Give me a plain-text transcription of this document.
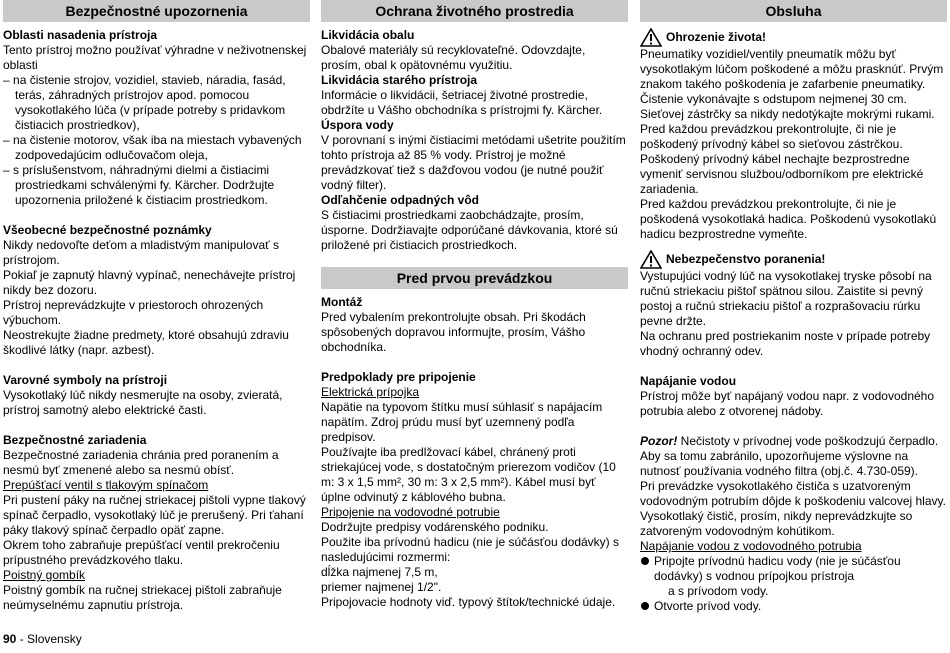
Bezpečnostné upozornenia
Oblasti nasadenia prístroja

Tento prístroj možno používať výhradne v neživotnenskej oblasti

– na čistenie strojov, vozidiel, stavieb, náradia, fasád, terás, záhradných prístrojov apod. pomocou vysokotlakého lúča (v prípade potreby s pridavkom čistiacich prostriedkov),
– na čistenie motorov, však iba na miestach vybavených zodpovedajúcim odlučovačom oleja,
– s príslušenstvom, náhradnými dielmi a čistiacimi prostriedkami schválenými fy. Kärcher. Dodržujte upozornenia priložené k čistiacim prostriedkom.
Všeobecné bezpečnostné poznámky

Nikdy nedovoľte deťom a mladistvým manipulovať s prístrojom.

Pokiaľ je zapnutý hlavný vypínač, nenechávejte prístroj nikdy bez dozoru.

Prístroj neprevádzkujte v priestoroch ohrozených výbuchom.

Neostrekujte žiadne predmety, ktoré obsahujú zdraviu škodlivé látky (napr. azbest).

Varovné symboly na prístroji

Vysokotlaký lúč nikdy nesmerujte na osoby, zvieratá, prístroj samotný alebo elektrické časti.

Bezpečnostné zariadenia

Bezpečnostné zariadenia chránia pred poranením a nesmú byť zmenené alebo sa nesmú obísť.

Prepúšťací ventil s tlakovým spínačom

Pri pustení páky na ručnej striekacej pištoli vypne tlakový spínač čerpadlo, vysokotlaký lúč je prerušený. Pri ťahaní páky tlakový spínač čerpadlo opäť zapne.

Okrem toho zabraňuje prepúšťací ventil prekročeniu prípustného prevádzkového tlaku.

Poistný gombík

Poistný gombík na ručnej striekacej pištoli zabraňuje neúmyselnému zapnutiu prístroja.

90 - Slovensky
Ochrana životného prostredia
Likvidácia obalu

Obalové materiály sú recyklovateľné. Odovzdajte, prosím, obal k opätovnému využitiu.

Likvidácia starého prístroja

Informácie o likvidácii, šetriacej životné prostredie, obdržíte u Vášho obchodníka s prístrojmi fy. Kärcher.

Úspora vody

V porovnaní s inými čistiacimi metódami ušetrite použitím tohto prístroja až 85 % vody. Prístroj je možné prevádzkovať tiež s dažďovou vodou (je nutné použiť vodný filter).

Odľahčenie odpadných vôd

S čistiacimi prostriedkami zaobchádzajte, prosím, úsporne. Dodržiavajte odporúčané dávkovania, ktoré sú priložené pri čistiacich prostriedkoch.

Pred prvou prevádzkou
Montáž

Pred vybalením prekontrolujte obsah. Pri škodách spôsobených dopravou informujte, prosím, Vášho obchodníka.

Predpoklady pre pripojenie

Elektrická prípojka

Napätie na typovom štítku musí súhlasiť s napájacím napätím. Zdroj prúdu musí byť uzemnený podľa predpisov.

Používajte iba predlžovací kábel, chránený proti striekajúcej vode, s dostatočným prierezom vodičov (10 m: 3 x 1,5 mm², 30 m: 3 x 2,5 mm²). Kábel musí byť úplne odvinutý z káblového bubna.

Pripojenie na vodovodné potrubie

Dodržujte predpisy vodárenského podniku.

Použite iba prívodnú hadicu (nie je súčásťou dodávky) s nasledujúcimi rozmermi:

dĺžka najmenej 7,5 m,

priemer najmenej 1/2".

Pripojovacie hodnoty viď. typový štítok/technické údaje.

Obsluha
Ohrozenie života!

Pneumatiky vozidiel/ventily pneumatík môžu byť vysokotlakým lúčom poškodené a môžu prasknúť. Prvým znakom takého poškodenia je zafarbenie pneumatiky. Čistenie vykonávajte s odstupom nejmenej 30 cm. Sieťovej zástrčky sa nikdy nedotýkajte mokrými rukami.

Pred každou prevádzkou prekontrolujte, či nie je poškodený prívodný kábel so sieťovou zástrčkou. Poškodený prívodný kábel nechajte bezprostredne vymeniť servisnou službou/odborníkom pre elektrické zariadenia.

Pred každou prevádzkou prekontrolujte, či nie je poškodená vysokotlaká hadica. Poškodenú vysokotlakú hadicu bezprostredne vymeňte.

Nebezpečenstvo poranenia!

Vystupujúci vodný lúč na vysokotlakej tryske pôsobí na ručnú striekaciu pištoľ spätnou silou. Zaistite si pevný postoj a ručnú striekaciu pištoľ a rozprašovaciu rúrku pevne držte.

Na ochranu pred postriekanim noste v prípade potreby vhodný ochranný odev.

Napájanie vodou

Prístroj môže byť napájaný vodou napr. z vodovodného potrubia alebo z otvorenej nádoby.

Pozor! Nečistoty v prívodnej vode poškodzujú čerpadlo. Aby sa tomu zabránilo, upozorňujeme výslovne na nutnosť používania vodného filtra (obj.č. 4.730-059).

Pri prevádzke vysokotlakého čističa s uzatvoreným vodovodným potrubím dôjde k poškodeniu valcovej hlavy. Vysokotlaký čistič, prosím, nikdy neprevádzkujte so zatvoreným vodovodným kohútikom.

Napájanie vodou z vodovodného potrubia

Pripojte prívodnú hadicu vody (nie je súčásťou dodávky) s vodnou prípojkou prístroja
a s prívodom vody.
Otvorte prívod vody.
